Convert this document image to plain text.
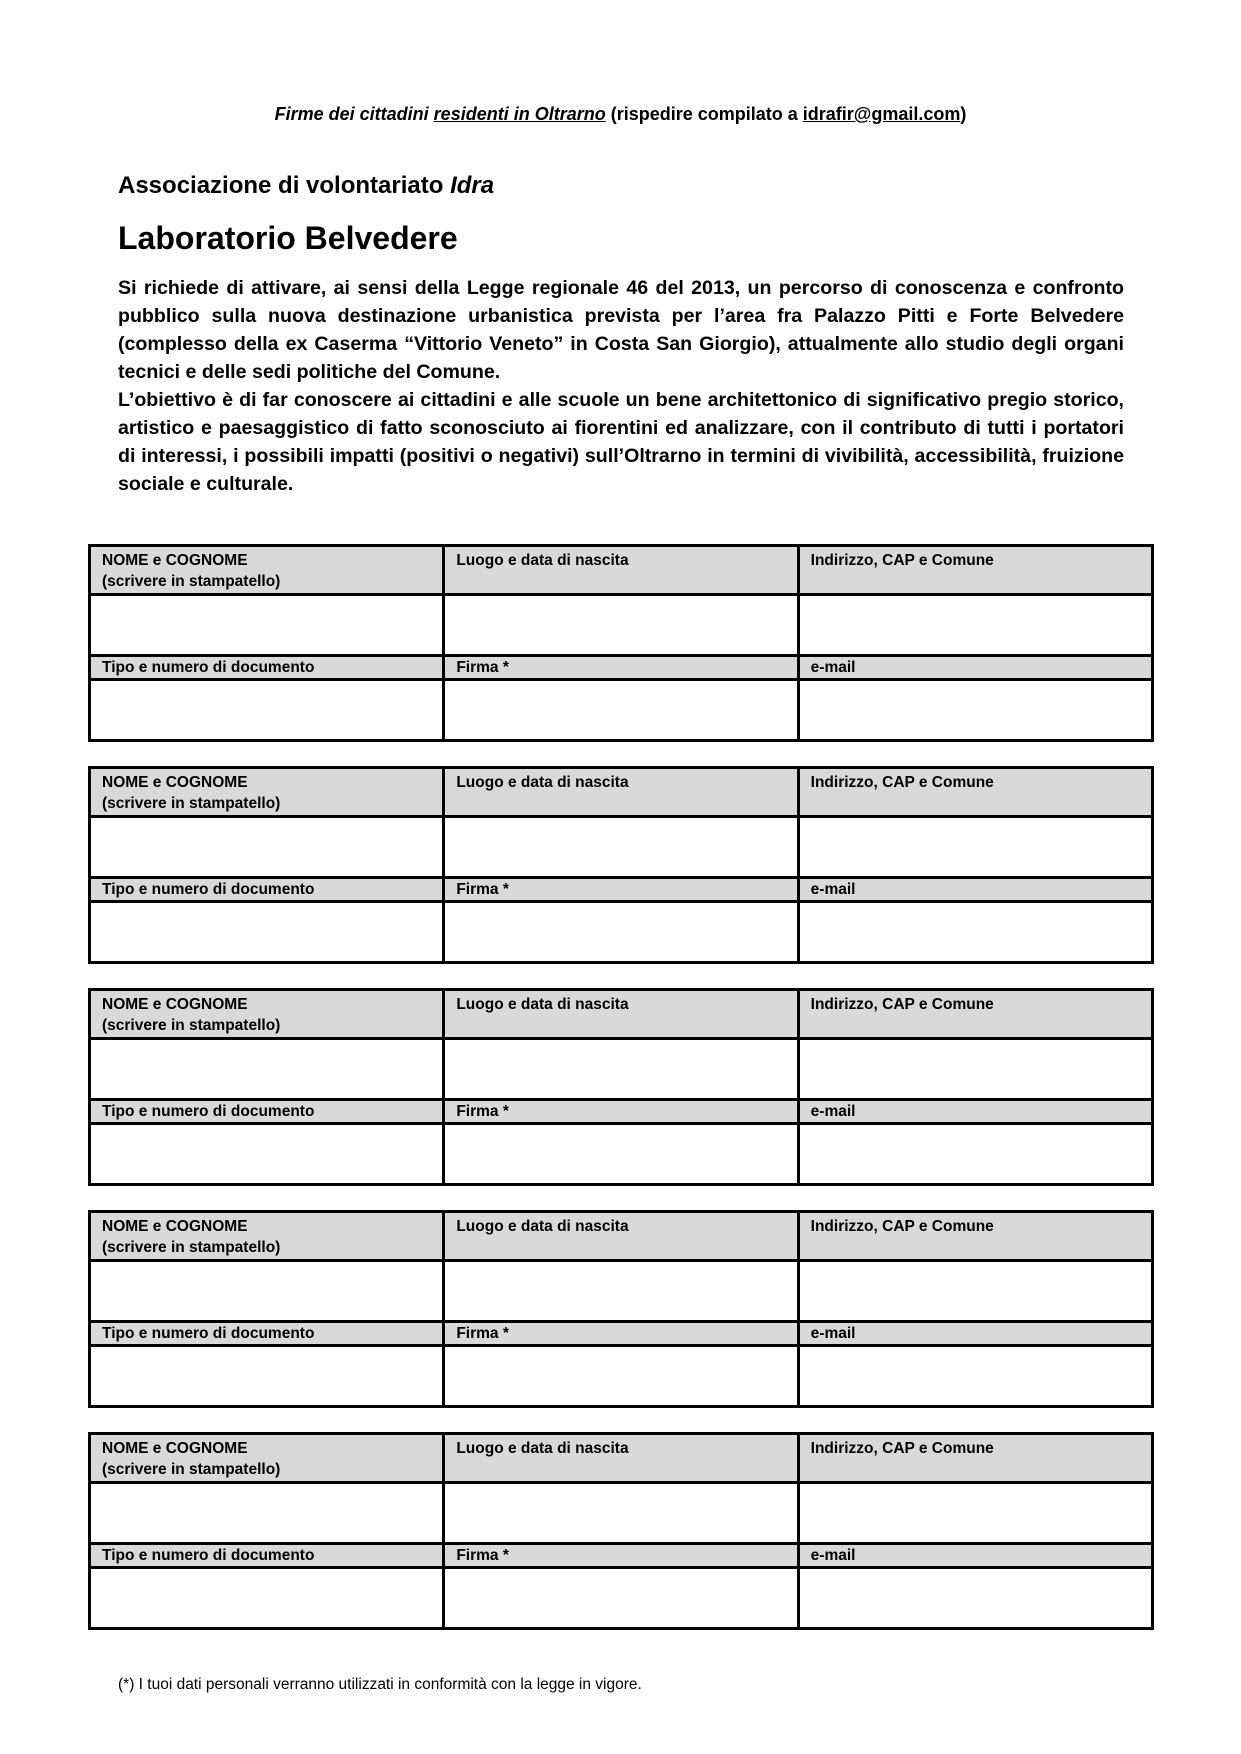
Firme dei cittadini residenti in Oltrarno (rispedire compilato a idrafir@gmail.com)
Associazione di volontariato Idra
Laboratorio Belvedere

Si richiede di attivare, ai sensi della Legge regionale 46 del 2013, un percorso di conoscenza e confronto pubblico sulla nuova destinazione urbanistica prevista per l’area fra Palazzo Pitti e Forte Belvedere (complesso della ex Caserma “Vittorio Veneto” in Costa San Giorgio), attualmente allo studio degli organi tecnici e delle sedi politiche del Comune.

L’obiettivo è di far conoscere ai cittadini e alle scuole un bene architettonico di significativo pregio storico, artistico e paesaggistico di fatto sconosciuto ai fiorentini ed analizzare, con il contributo di tutti i portatori di interessi, i possibili impatti (positivi o negativi) sull’Oltrarno in termini di vivibilità, accessibilità, fruizione sociale e culturale.

NOME e COGNOME
(scrivere in stampatello)	Luogo e data di nascita	Indirizzo, CAP e Comune

Tipo e numero di documento	Firma *	e-mail

NOME e COGNOME
(scrivere in stampatello)	Luogo e data di nascita	Indirizzo, CAP e Comune

Tipo e numero di documento	Firma *	e-mail

NOME e COGNOME
(scrivere in stampatello)	Luogo e data di nascita	Indirizzo, CAP e Comune

Tipo e numero di documento	Firma *	e-mail

NOME e COGNOME
(scrivere in stampatello)	Luogo e data di nascita	Indirizzo, CAP e Comune

Tipo e numero di documento	Firma *	e-mail

NOME e COGNOME
(scrivere in stampatello)	Luogo e data di nascita	Indirizzo, CAP e Comune

Tipo e numero di documento	Firma *	e-mail

(*) I tuoi dati personali verranno utilizzati in conformità con la legge in vigore.
